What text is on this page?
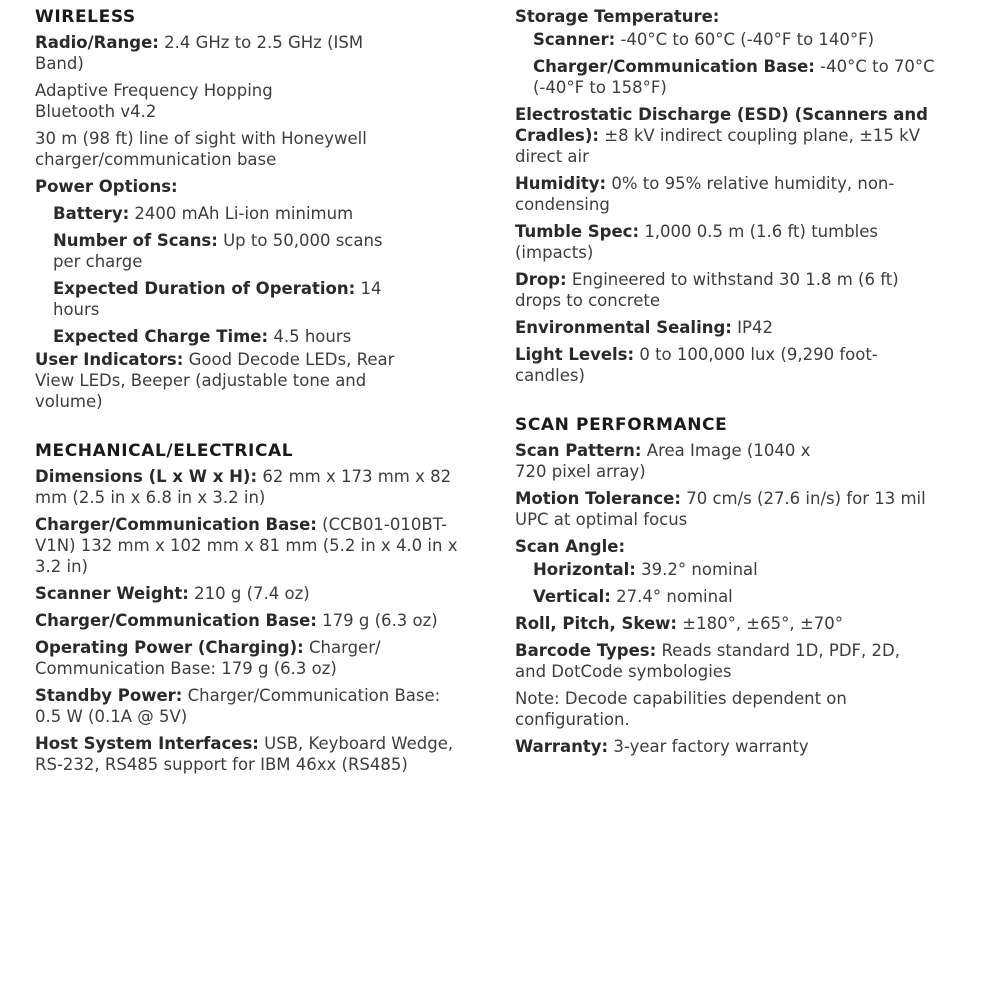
WIRELESS
Radio/Range: 2.4 GHz to 2.5 GHz (ISM Band)
Adaptive Frequency Hopping
Bluetooth v4.2
30 m (98 ft) line of sight with Honeywell charger/communication base
Power Options:
Battery: 2400 mAh Li-ion minimum
Number of Scans: Up to 50,000 scans per charge
Expected Duration of Operation: 14 hours
Expected Charge Time: 4.5 hours
User Indicators: Good Decode LEDs, Rear View LEDs, Beeper (adjustable tone and volume)
MECHANICAL/ELECTRICAL
Dimensions (L x W x H): 62 mm x 173 mm x 82 mm (2.5 in x 6.8 in x 3.2 in)
Charger/Communication Base: (CCB01-010BT-V1N) 132 mm x 102 mm x 81 mm (5.2 in x 4.0 in x 3.2 in)
Scanner Weight: 210 g (7.4 oz)
Charger/Communication Base: 179 g (6.3 oz)
Operating Power (Charging): Charger/ Communication Base: 179 g (6.3 oz)
Standby Power: Charger/Communication Base: 0.5 W (0.1A @ 5V)
Host System Interfaces: USB, Keyboard Wedge, RS-232, RS485 support for IBM 46xx (RS485)
Storage Temperature:
Scanner: -40°C to 60°C (-40°F to 140°F)
Charger/Communication Base: -40°C to 70°C (-40°F to 158°F)
Electrostatic Discharge (ESD) (Scanners and Cradles): ±8 kV indirect coupling plane, ±15 kV direct air
Humidity: 0% to 95% relative humidity, non-condensing
Tumble Spec: 1,000 0.5 m (1.6 ft) tumbles (impacts)
Drop: Engineered to withstand 30 1.8 m (6 ft) drops to concrete
Environmental Sealing: IP42
Light Levels: 0 to 100,000 lux (9,290 foot-candles)
SCAN PERFORMANCE
Scan Pattern: Area Image (1040 x 720 pixel array)
Motion Tolerance: 70 cm/s (27.6 in/s) for 13 mil UPC at optimal focus
Scan Angle:
Horizontal: 39.2° nominal
Vertical: 27.4° nominal
Roll, Pitch, Skew: ±180°, ±65°, ±70°
Barcode Types: Reads standard 1D, PDF, 2D, and DotCode symbologies
Note: Decode capabilities dependent on configuration.
Warranty: 3-year factory warranty
